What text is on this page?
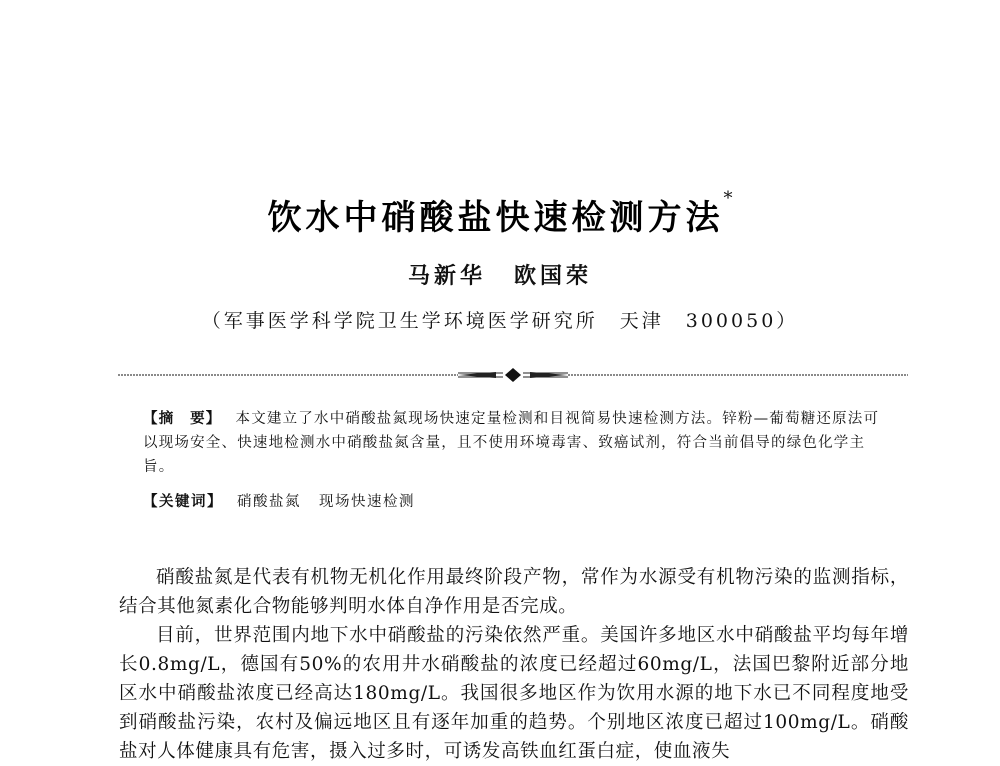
饮水中硝酸盐快速检测方法*
马新华 欧国荣
（军事医学科学院卫生学环境医学研究所 天津 300050）
【摘　要】 本文建立了水中硝酸盐氮现场快速定量检测和目视简易快速检测方法。锌粉—葡萄糖还原法可以现场安全、快速地检测水中硝酸盐氮含量，且不使用环境毒害、致癌试剂，符合当前倡导的绿色化学主旨。
【关键词】 硝酸盐氮 现场快速检测

硝酸盐氮是代表有机物无机化作用最终阶段产物，常作为水源受有机物污染的监测指标，结合其他氮素化合物能够判明水体自净作用是否完成。

目前，世界范围内地下水中硝酸盐的污染依然严重。美国许多地区水中硝酸盐平均每年增长0.8mg/L，德国有50%的农用井水硝酸盐的浓度已经超过60mg/L，法国巴黎附近部分地区水中硝酸盐浓度已经高达180mg/L。我国很多地区作为饮用水源的地下水已不同程度地受到硝酸盐污染，农村及偏远地区且有逐年加重的趋势。个别地区浓度已超过100mg/L。硝酸盐对人体健康具有危害，摄入过多时，可诱发高铁血红蛋白症，使血液失
